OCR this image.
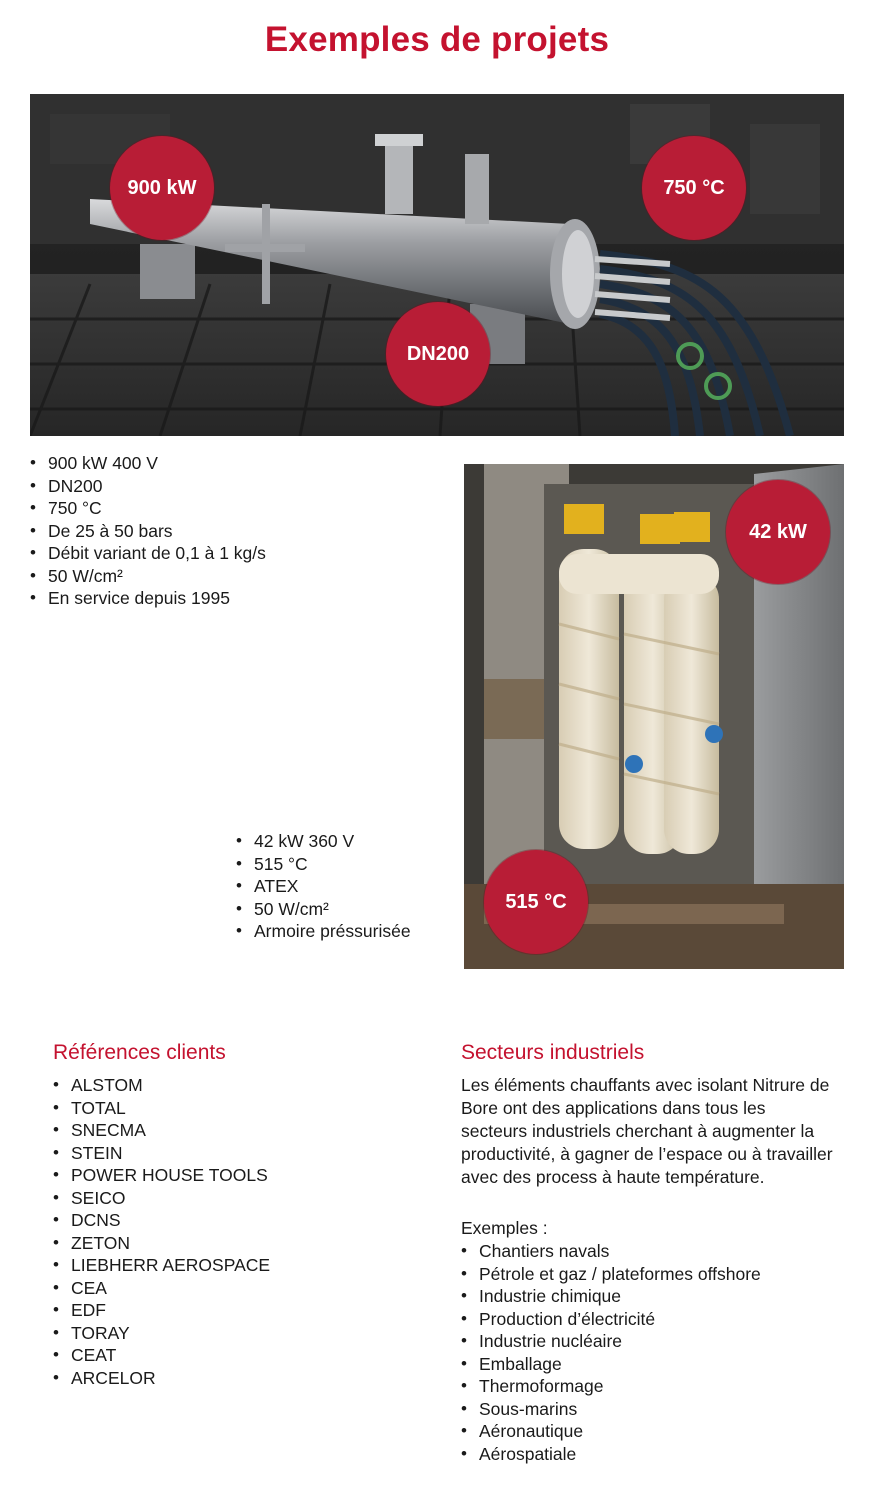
Exemples de projets
900 kW	750 °C
DN200
• 900 kW 400 V
• DN200
• 750 °C
• De 25 à 50 bars
• Débit variant de 0,1 à 1 kg/s
• 50 W/cm²
• En service depuis 1995
42 kW
515 °C
• 42 kW 360 V
• 515 °C
• ATEX
• 50 W/cm²
• Armoire préssurisée
Références clients
• ALSTOM
• TOTAL
• SNECMA
• STEIN
• POWER HOUSE TOOLS
• SEICO
• DCNS
• ZETON
• LIEBHERR AEROSPACE
• CEA
• EDF
• TORAY
• CEAT
• ARCELOR
Secteurs industriels

Les éléments chauffants avec isolant Nitrure de Bore ont des applications dans tous les secteurs industriels cherchant à augmenter la productivité, à gagner de l’espace ou à travailler avec des process à haute température.

Exemples :

• Chantiers navals
• Pétrole et gaz / plateformes offshore
• Industrie chimique
• Production d’électricité
• Industrie nucléaire
• Emballage
• Thermoformage
• Sous-marins
• Aéronautique
• Aérospatiale
